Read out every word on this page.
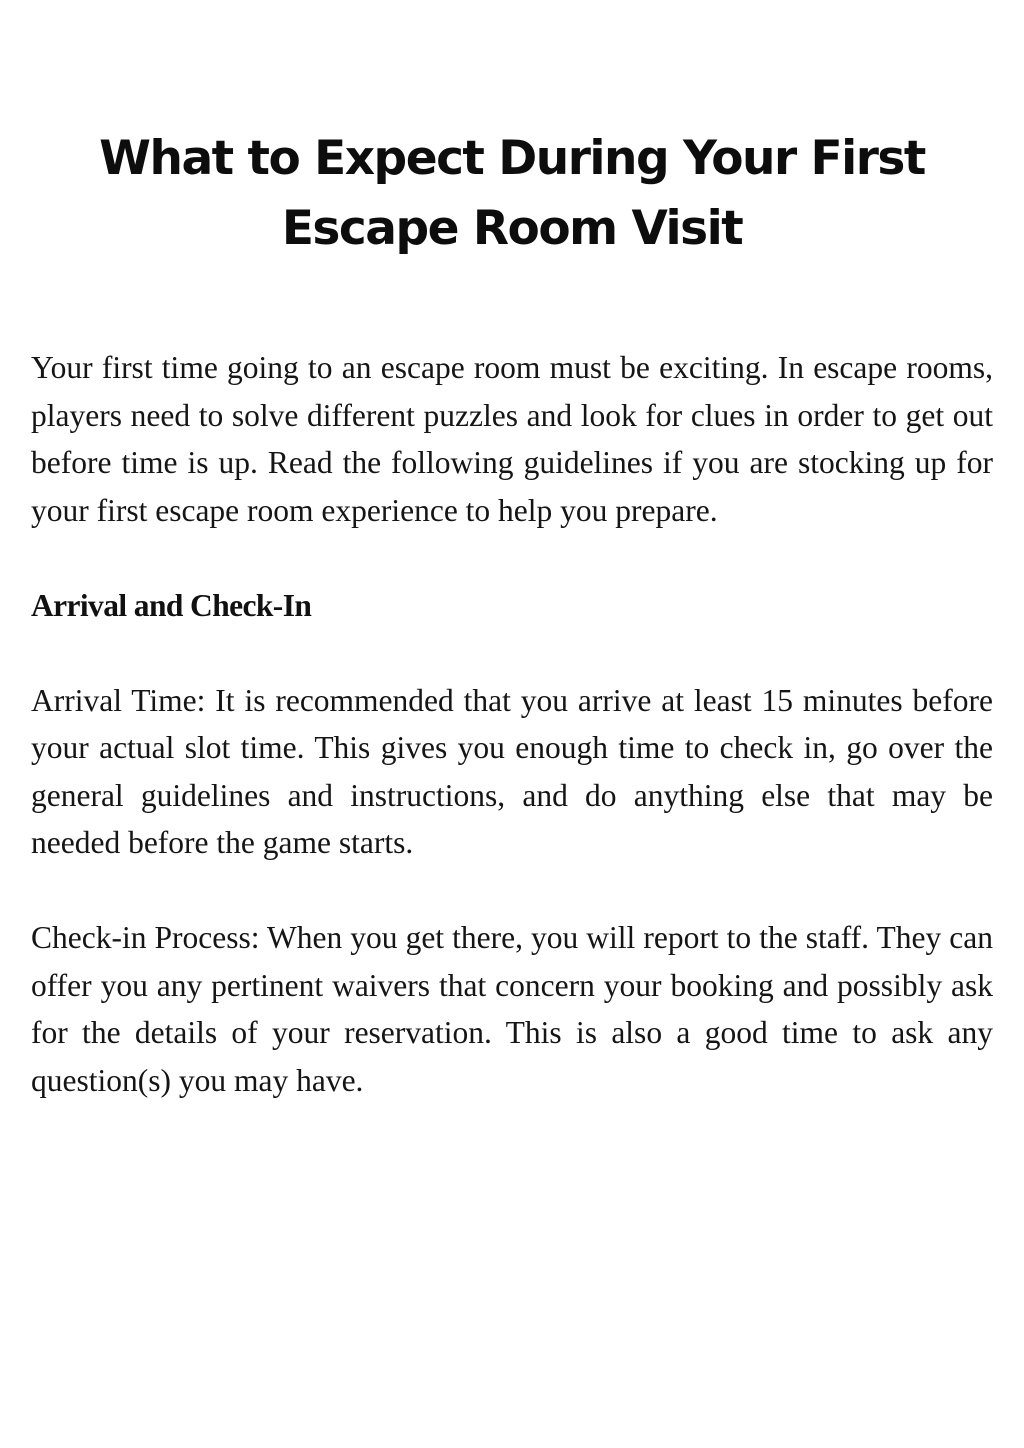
What to Expect During Your First Escape Room Visit

Your first time going to an escape room must be exciting. In escape rooms, players need to solve different puzzles and look for clues in order to get out before time is up. Read the following guidelines if you are stocking up for your first escape room experience to help you prepare.

Arrival and Check-In

Arrival Time: It is recommended that you arrive at least 15 minutes before your actual slot time. This gives you enough time to check in, go over the general guidelines and instructions, and do anything else that may be needed before the game starts.

Check-in Process: When you get there, you will report to the staff. They can offer you any pertinent waivers that concern your booking and possibly ask for the details of your reservation. This is also a good time to ask any question(s) you may have.
